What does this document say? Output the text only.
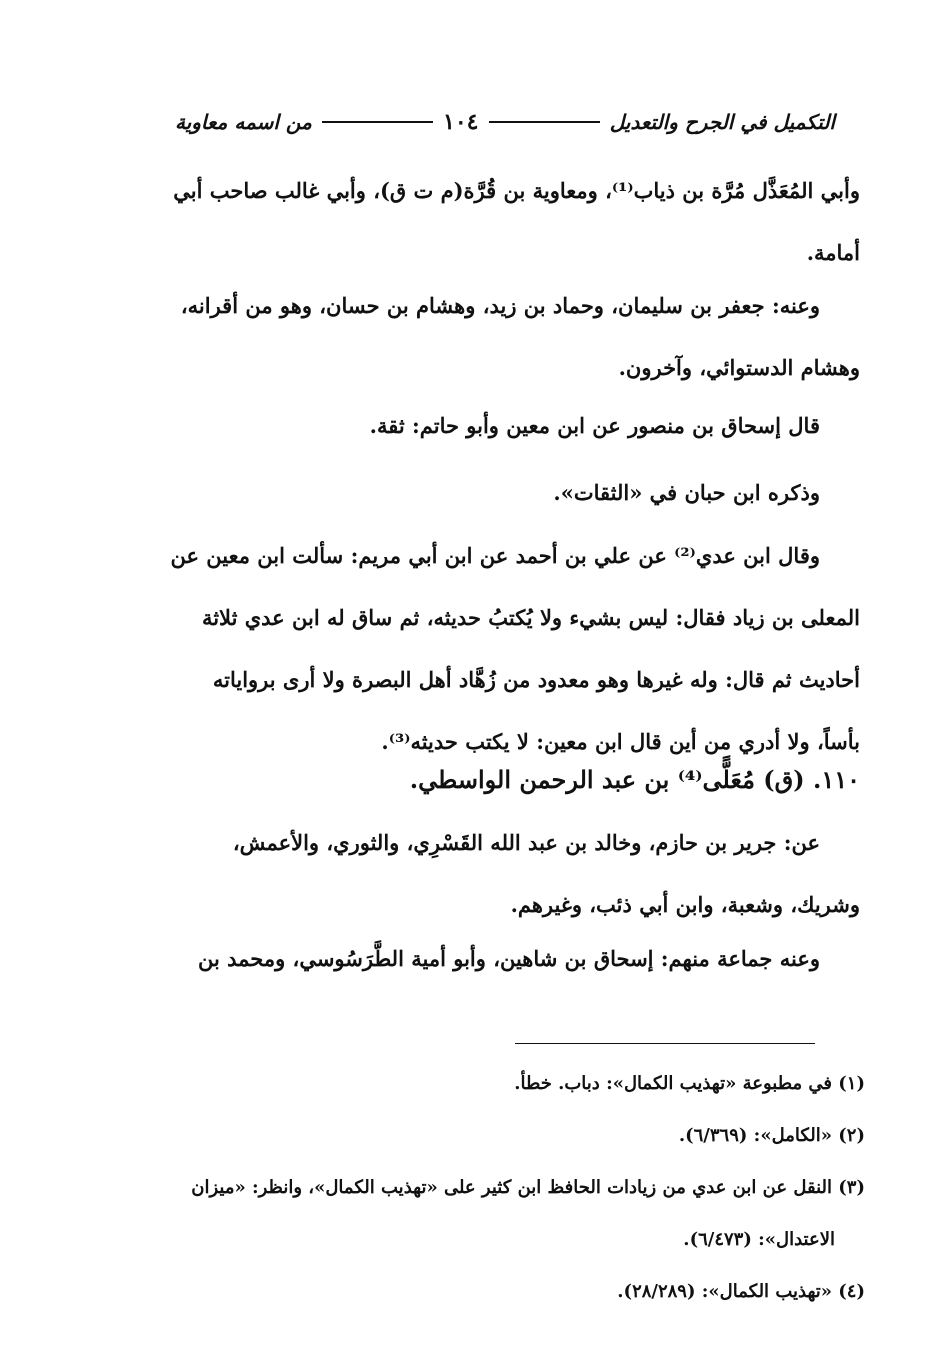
التكميل في الجرح والتعديل
١٠٤
من اسمه معاوية
وأبي المُعَذَّل مُرَّة بن ذياب⁽¹⁾، ومعاوية بن قُرَّة(م ت ق)، وأبي غالب صاحب أبي
أمامة.
وعنه: جعفر بن سليمان، وحماد بن زيد، وهشام بن حسان، وهو من أقرانه،
وهشام الدستوائي، وآخرون.
قال إسحاق بن منصور عن ابن معين وأبو حاتم: ثقة.
وذكره ابن حبان في «الثقات».
وقال ابن عدي⁽²⁾ عن علي بن أحمد عن ابن أبي مريم: سألت ابن معين عن
المعلى بن زياد فقال: ليس بشيء ولا يُكتبُ حديثه، ثم ساق له ابن عدي ثلاثة
أحاديث ثم قال: وله غيرها وهو معدود من زُهَّاد أهل البصرة ولا أرى برواياته
بأساً، ولا أدري من أين قال ابن معين: لا يكتب حديثه⁽³⁾.
١١٠. (ق) مُعَلًّى⁽⁴⁾ بن عبد الرحمن الواسطي.
عن: جرير بن حازم، وخالد بن عبد الله القَسْرِي، والثوري، والأعمش،
وشريك، وشعبة، وابن أبي ذئب، وغيرهم.
وعنه جماعة منهم: إسحاق بن شاهين، وأبو أمية الطَّرَسُوسي، ومحمد بن
(١) في مطبوعة «تهذيب الكمال»: دباب. خطأ.
(٢) «الكامل»: (٦/٣٦٩).
(٣) النقل عن ابن عدي من زيادات الحافظ ابن كثير على «تهذيب الكمال»، وانظر: «ميزان
الاعتدال»: (٦/٤٧٣).
(٤) «تهذيب الكمال»: (٢٨/٢٨٩).
